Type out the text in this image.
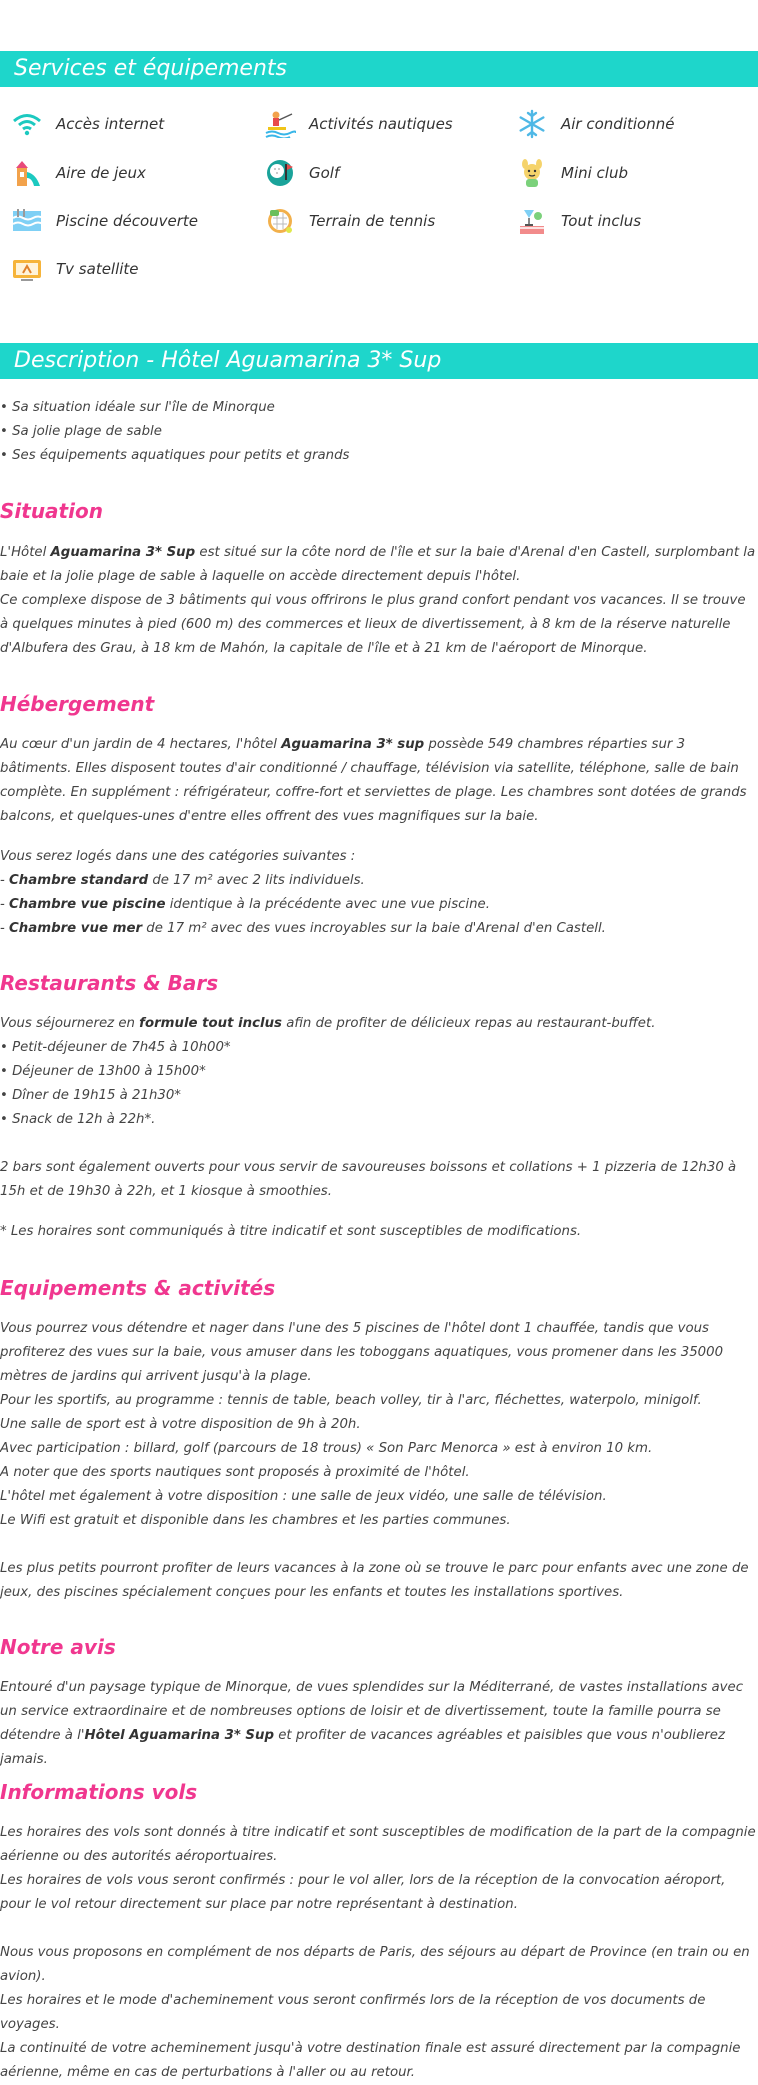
Services et équipements
Accès internet	Activités nautiques	Air conditionné
Aire de jeux	Golf	Mini club
Piscine découverte	Terrain de tennis	Tout inclus
Tv satellite
Description - Hôtel Aguamarina 3* Sup

• Sa situation idéale sur l'île de Minorque

• Sa jolie plage de sable

• Ses équipements aquatiques pour petits et grands

Situation

L'Hôtel Aguamarina 3* Sup est situé sur la côte nord de l'île et sur la baie d'Arenal d'en Castell, surplombant la baie et la jolie plage de sable à laquelle on accède directement depuis l'hôtel.

Ce complexe dispose de 3 bâtiments qui vous offrirons le plus grand confort pendant vos vacances. Il se trouve à quelques minutes à pied (600 m) des commerces et lieux de divertissement, à 8 km de la réserve naturelle d'Albufera des Grau, à 18 km de Mahón, la capitale de l'île et à 21 km de l'aéroport de Minorque.

Hébergement

Au cœur d'un jardin de 4 hectares, l'hôtel Aguamarina 3* sup possède 549 chambres réparties sur 3 bâtiments. Elles disposent toutes d'air conditionné / chauffage, télévision via satellite, téléphone, salle de bain complète. En supplément : réfrigérateur, coffre-fort et serviettes de plage. Les chambres sont dotées de grands balcons, et quelques-unes d'entre elles offrent des vues magnifiques sur la baie.

Vous serez logés dans une des catégories suivantes :

- Chambre standard de 17 m² avec 2 lits individuels.

- Chambre vue piscine identique à la précédente avec une vue piscine.

- Chambre vue mer de 17 m² avec des vues incroyables sur la baie d'Arenal d'en Castell.

Restaurants & Bars

Vous séjournerez en formule tout inclus afin de profiter de délicieux repas au restaurant-buffet.

• Petit-déjeuner de 7h45 à 10h00*

• Déjeuner de 13h00 à 15h00*

• Dîner de 19h15 à 21h30*

• Snack de 12h à 22h*.

2 bars sont également ouverts pour vous servir de savoureuses boissons et collations + 1 pizzeria de 12h30 à 15h et de 19h30 à 22h, et 1 kiosque à smoothies.
* Les horaires sont communiqués à titre indicatif et sont susceptibles de modifications.
Equipements & activités

Vous pourrez vous détendre et nager dans l'une des 5 piscines de l'hôtel dont 1 chauffée, tandis que vous profiterez des vues sur la baie, vous amuser dans les toboggans aquatiques, vous promener dans les 35000 mètres de jardins qui arrivent jusqu'à la plage.

Pour les sportifs, au programme : tennis de table, beach volley, tir à l'arc, fléchettes, waterpolo, minigolf.

Une salle de sport est à votre disposition de 9h à 20h.

Avec participation : billard, golf (parcours de 18 trous) « Son Parc Menorca » est à environ 10 km.

A noter que des sports nautiques sont proposés à proximité de l'hôtel.

L'hôtel met également à votre disposition : une salle de jeux vidéo, une salle de télévision.

Le Wifi est gratuit et disponible dans les chambres et les parties communes.

Les plus petits pourront profiter de leurs vacances à la zone où se trouve le parc pour enfants avec une zone de jeux, des piscines spécialement conçues pour les enfants et toutes les installations sportives.
Notre avis

Entouré d'un paysage typique de Minorque, de vues splendides sur la Méditerrané, de vastes installations avec un service extraordinaire et de nombreuses options de loisir et de divertissement, toute la famille pourra se détendre à l'Hôtel Aguamarina 3* Sup et profiter de vacances agréables et paisibles que vous n'oublierez jamais.

Informations vols

Les horaires des vols sont donnés à titre indicatif et sont susceptibles de modification de la part de la compagnie aérienne ou des autorités aéroportuaires.

Les horaires de vols vous seront confirmés : pour le vol aller, lors de la réception de la convocation aéroport, pour le vol retour directement sur place par notre représentant à destination.

Nous vous proposons en complément de nos départs de Paris, des séjours au départ de Province (en train ou en avion).

Les horaires et le mode d'acheminement vous seront confirmés lors de la réception de vos documents de voyages.

La continuité de votre acheminement jusqu'à votre destination finale est assuré directement par la compagnie aérienne, même en cas de perturbations à l'aller ou au retour.
